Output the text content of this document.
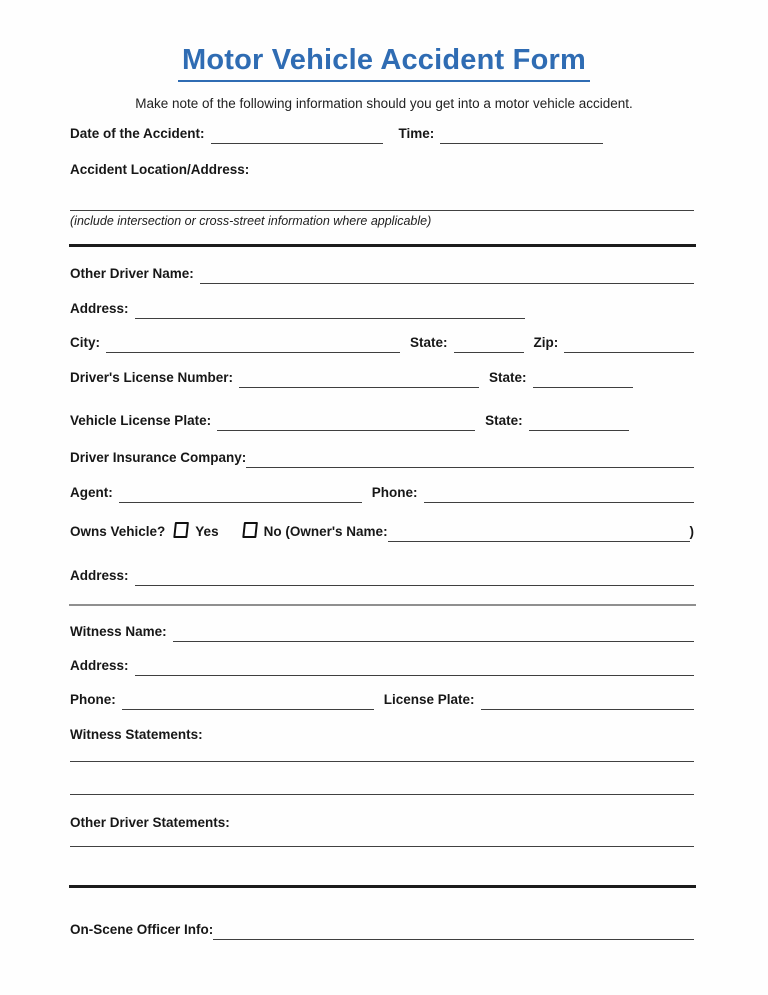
Motor Vehicle Accident Form
Make note of the following information should you get into a motor vehicle accident.
Date of the Accident:	Time:
Accident Location/Address:
(include intersection or cross-street information where applicable)
Other Driver Name:
Address:
City:	State:	Zip:
Driver's License Number:	State:
Vehicle License Plate:	State:
Driver Insurance Company:
Agent:	Phone:
Owns Vehicle? Yes	No (Owner's Name:	)
Address:
Witness Name:
Address:
Phone:	License Plate:
Witness Statements:
Other Driver Statements:
On-Scene Officer Info:
